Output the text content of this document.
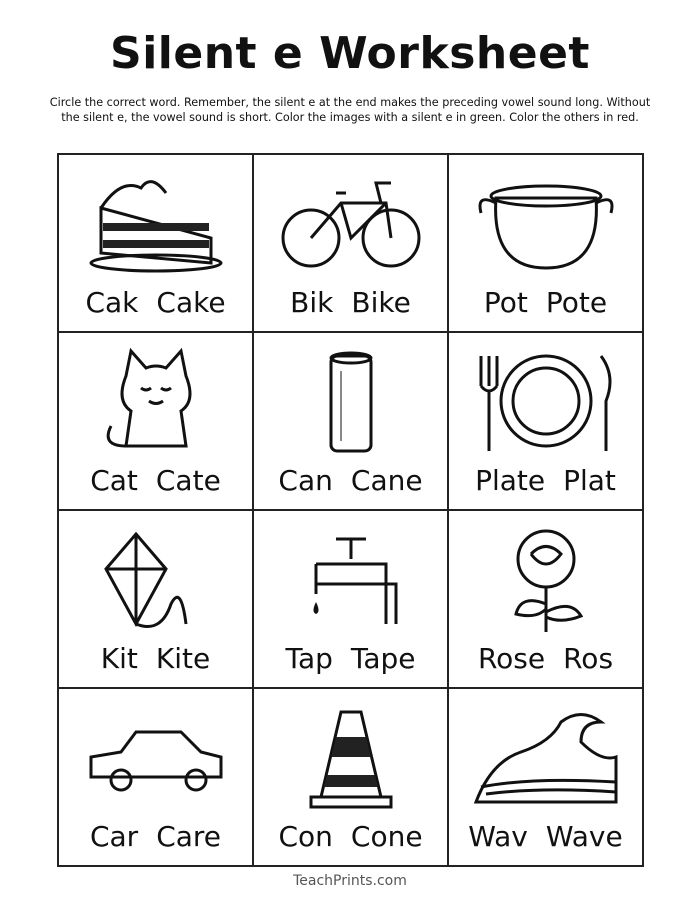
Silent e Worksheet
Circle the correct word. Remember, the silent e at the end makes the preceding vowel sound long. Without the silent e, the vowel sound is short. Color the images with a silent e in green. Color the others in red.
Cak Cake Bik Bike	Pot Pote
Cat Cate Can Cane Plate Plat
Kit Kite	Tap Tape Rose Ros
Car Care Con Cone Wav Wave
TeachPrints.com
